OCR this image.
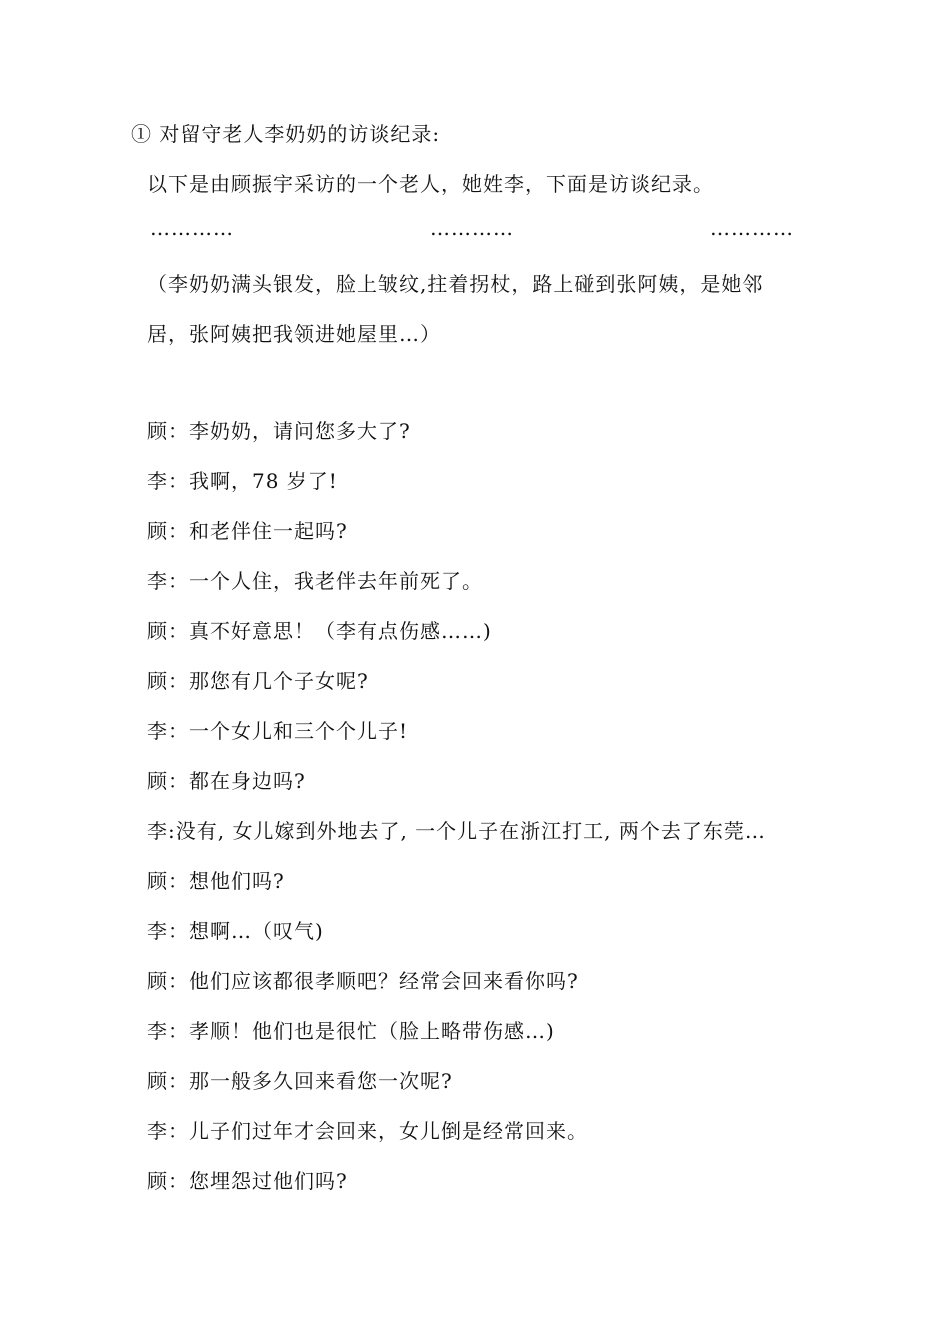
① 对留守老人李奶奶的访谈纪录:
以下是由顾振宇采访的一个老人，她姓李，下面是访谈纪录。
…………	…………	…………
（李奶奶满头银发，脸上皱纹,拄着拐杖，路上碰到张阿姨，是她邻
居，张阿姨把我领进她屋里…）
顾：李奶奶，请问您多大了?
李：我啊，78 岁了!
顾：和老伴住一起吗?
李：一个人住，我老伴去年前死了。
顾：真不好意思！（李有点伤感……)
顾：那您有几个子女呢?
李：一个女儿和三个个儿子!
顾：都在身边吗?
李:没有, 女儿嫁到外地去了, 一个儿子在浙江打工, 两个去了东莞…
顾：想他们吗?
李：想啊…（叹气)
顾：他们应该都很孝顺吧？经常会回来看你吗?
李：孝顺！他们也是很忙（脸上略带伤感…)
顾：那一般多久回来看您一次呢?
李：儿子们过年才会回来，女儿倒是经常回来。
顾：您埋怨过他们吗?
